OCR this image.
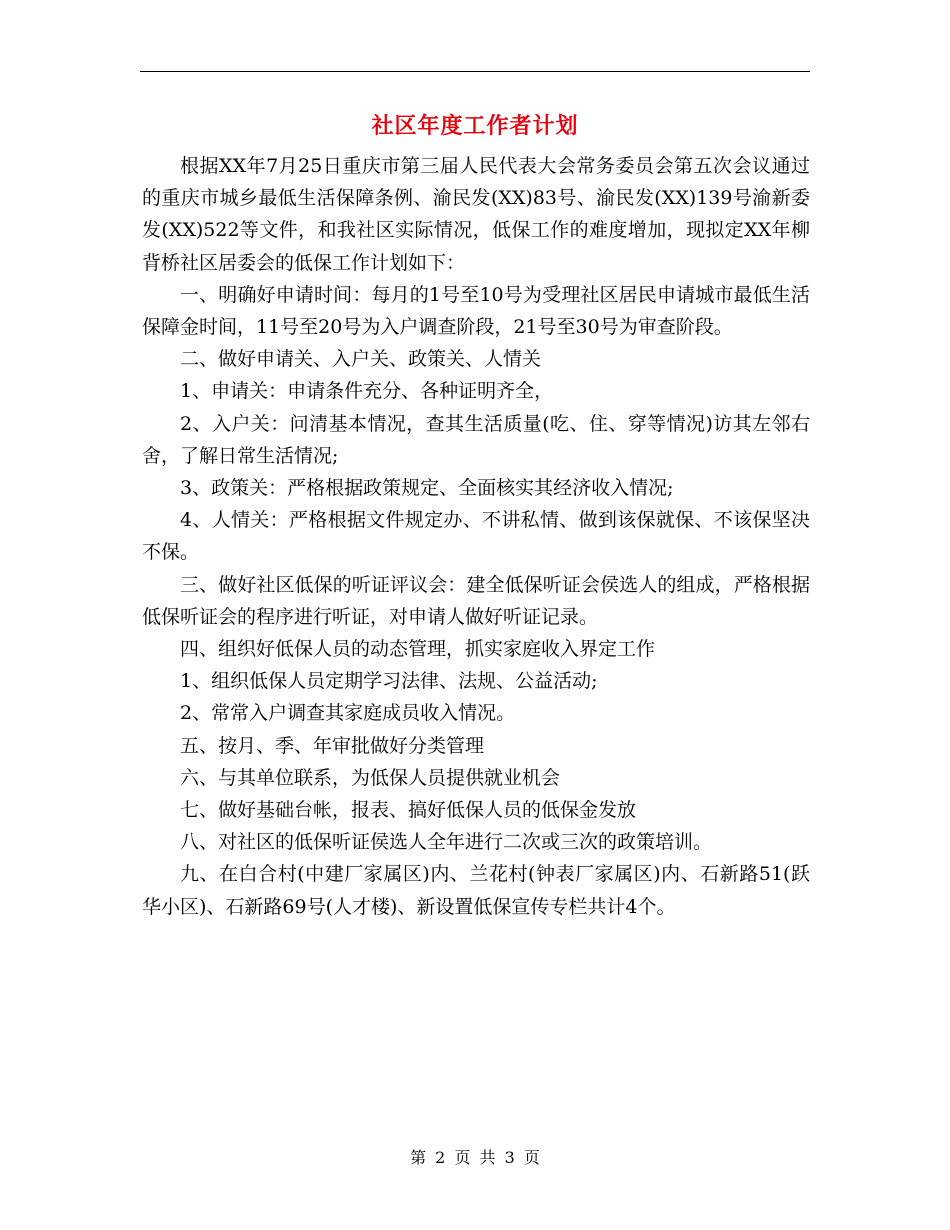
社区年度工作者计划

根据XX年7月25日重庆市第三届人民代表大会常务委员会第五次会议通过的重庆市城乡最低生活保障条例、渝民发(XX)83号、渝民发(XX)139号渝新委发(XX)522等文件，和我社区实际情况，低保工作的难度增加，现拟定XX年柳背桥社区居委会的低保工作计划如下：

一、明确好申请时间：每月的1号至10号为受理社区居民申请城市最低生活保障金时间，11号至20号为入户调查阶段，21号至30号为审查阶段。

二、做好申请关、入户关、政策关、人情关

1、申请关：申请条件充分、各种证明齐全，

2、入户关：问清基本情况，查其生活质量(吃、住、穿等情况)访其左邻右舍，了解日常生活情况;

3、政策关：严格根据政策规定、全面核实其经济收入情况;

4、人情关：严格根据文件规定办、不讲私情、做到该保就保、不该保坚决不保。

三、做好社区低保的听证评议会：建全低保听证会侯选人的组成，严格根据低保听证会的程序进行听证，对申请人做好听证记录。

四、组织好低保人员的动态管理，抓实家庭收入界定工作

1、组织低保人员定期学习法律、法规、公益活动;

2、常常入户调查其家庭成员收入情况。

五、按月、季、年审批做好分类管理

六、与其单位联系，为低保人员提供就业机会

七、做好基础台帐，报表、搞好低保人员的低保金发放

八、对社区的低保听证侯选人全年进行二次或三次的政策培训。

九、在白合村(中建厂家属区)内、兰花村(钟表厂家属区)内、石新路51(跃华小区)、石新路69号(人才楼)、新设置低保宣传专栏共计4个。

第 2 页 共 3 页
